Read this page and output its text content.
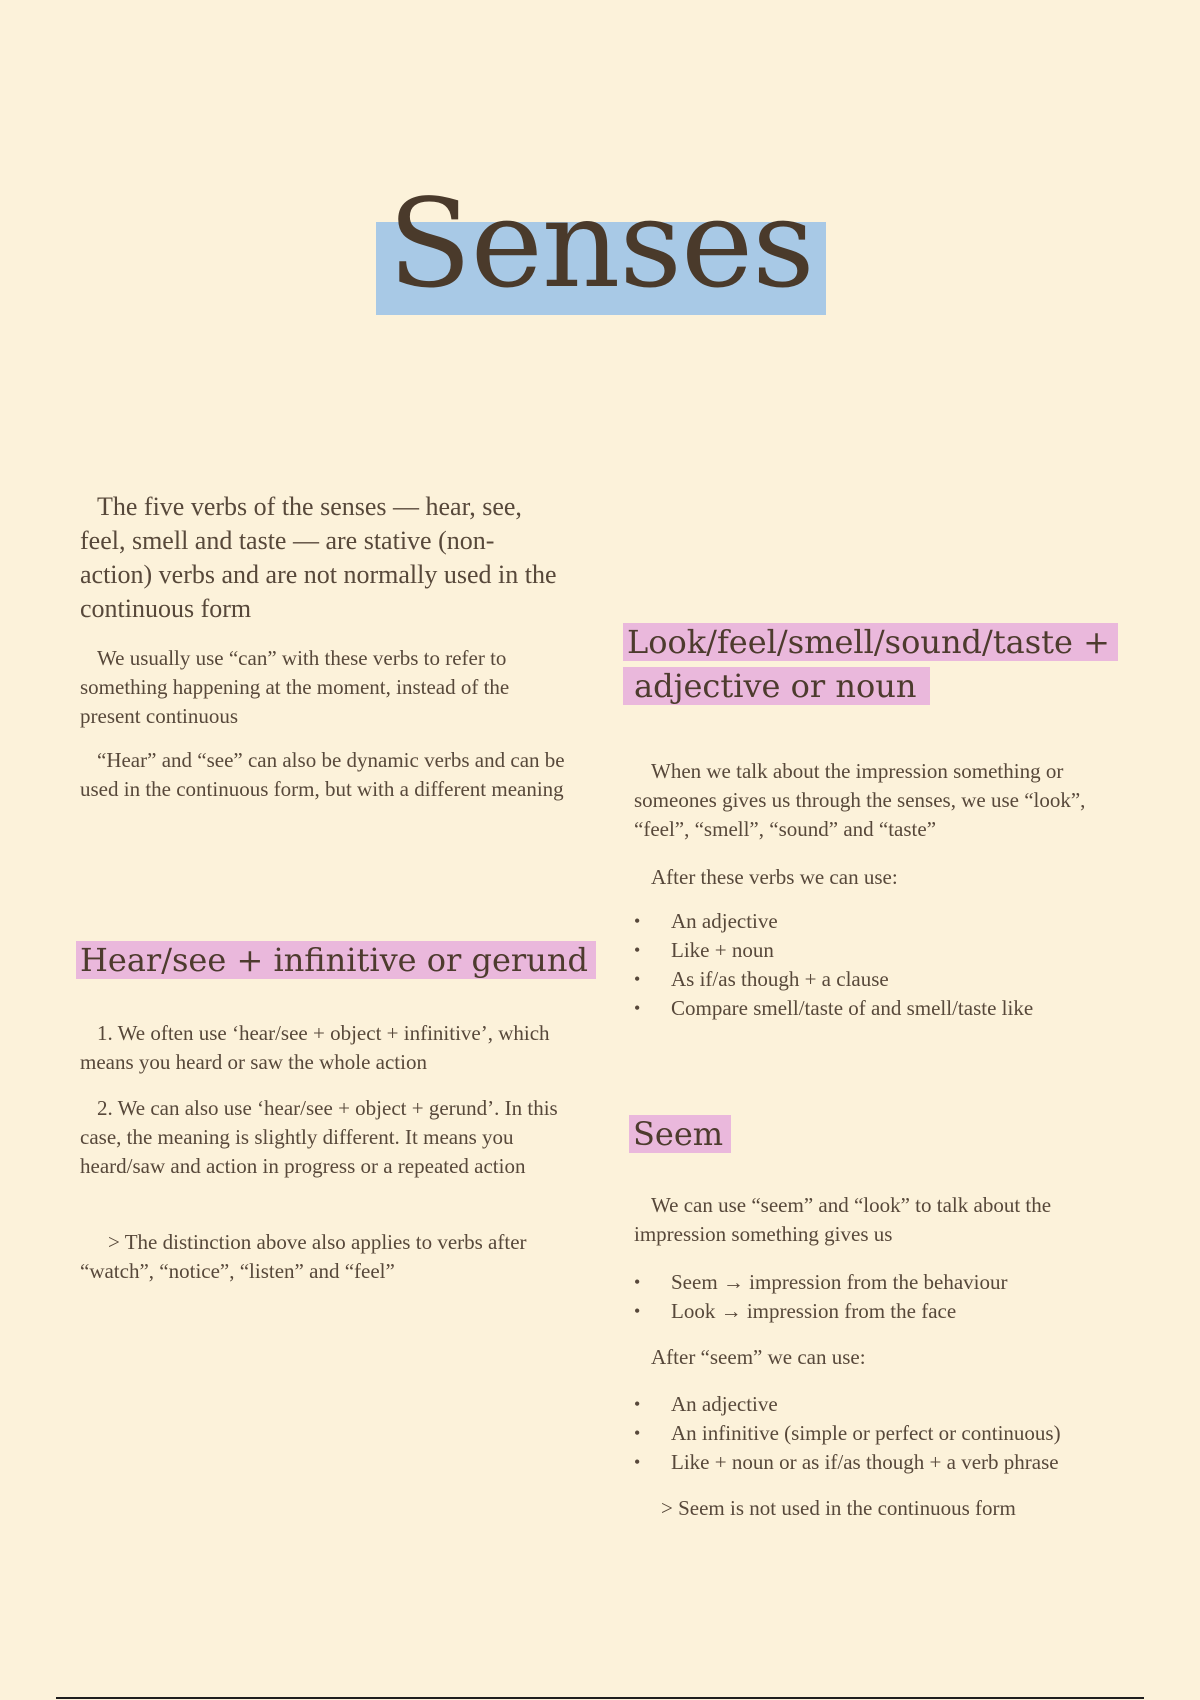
Senses

The five verbs of the senses — hear, see, feel, smell and taste — are stative (non-action) verbs and are not normally used in the continuous form

We usually use “can” with these verbs to refer to something happening at the moment, instead of the present continuous

“Hear” and “see” can also be dynamic verbs and can be used in the continuous form, but with a different meaning

Hear/see + infinitive or gerund

1. We often use ‘hear/see + object + infinitive’, which means you heard or saw the whole action

2. We can also use ‘hear/see + object + gerund’. In this case, the meaning is slightly different. It means you heard/saw and action in progress or a repeated action

> The distinction above also applies to verbs after “watch”, “notice”, “listen” and “feel”

Look/feel/smell/sound/taste +
adjective or noun

When we talk about the impression something or someones gives us through the senses, we use “look”, “feel”, “smell”, “sound” and “taste”

After these verbs we can use:

• An adjective
• Like + noun
• As if/as though + a clause
• Compare smell/taste of and smell/taste like
Seem

We can use “seem” and “look” to talk about the impression something gives us

• Seem → impression from the behaviour
• Look → impression from the face

After “seem” we can use:

• An adjective
• An infinitive (simple or perfect or continuous)
• Like + noun or as if/as though + a verb phrase

> Seem is not used in the continuous form
